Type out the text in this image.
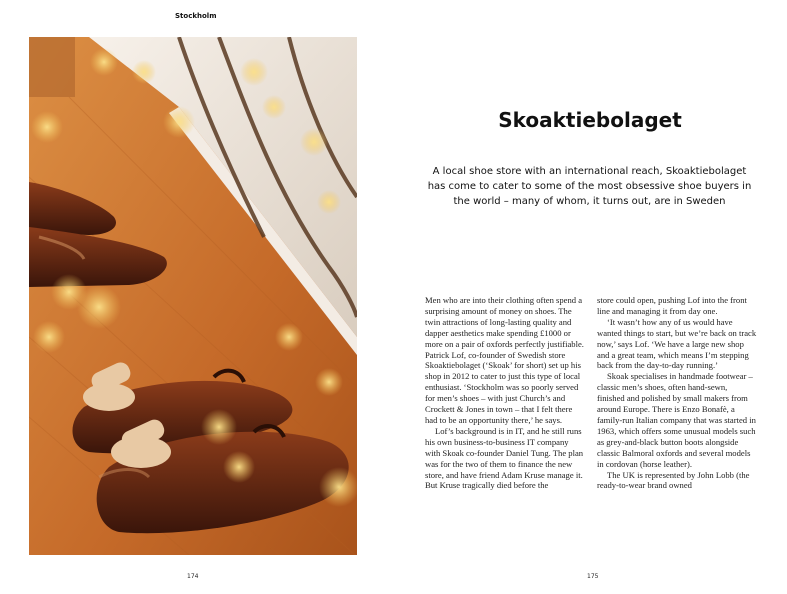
Stockholm
174
Skoaktiebolaget

A local shoe store with an international reach, Skoaktiebolaget has come to cater to some of the most obsessive shoe buyers in the world – many of whom, it turns out, are in Sweden

Men who are into their clothing often spend a surprising amount of money on shoes. The twin attractions of long-lasting quality and dapper aesthetics make spending £1000 or more on a pair of oxfords perfectly justifiable. Patrick Lof, co-founder of Swedish store Skoaktiebolaget (‘Skoak’ for short) set up his shop in 2012 to cater to just this type of local enthusiast. ‘Stockholm was so poorly served for men’s shoes – with just Church’s and Crockett & Jones in town – that I felt there had to be an opportunity there,’ he says.

Lof’s background is in IT, and he still runs his own business-to-business IT company with Skoak co-founder Daniel Tung. The plan was for the two of them to finance the new store, and have friend Adam Kruse manage it. But Kruse tragically died before the

store could open, pushing Lof into the front line and managing it from day one.

‘It wasn’t how any of us would have wanted things to start, but we’re back on track now,’ says Lof. ‘We have a large new shop and a great team, which means I’m stepping back from the day-to-day running.’

Skoak specialises in handmade footwear – classic men’s shoes, often hand-sewn, finished and polished by small makers from around Europe. There is Enzo Bonafè, a family-run Italian company that was started in 1963, which offers some unusual models such as grey-and-black button boots alongside classic Balmoral oxfords and several models in cordovan (horse leather).

The UK is represented by John Lobb (the ready-to-wear brand owned

175
